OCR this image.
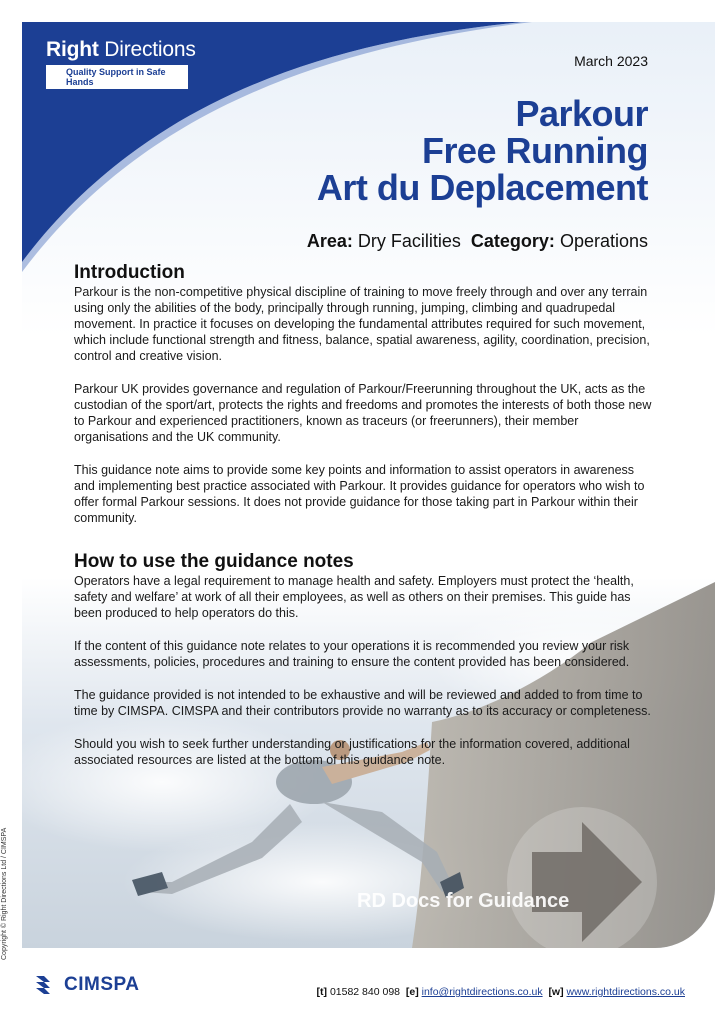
Right Directions
Quality Support in Safe Hands
March 2023
Parkour
Free Running
Art du Deplacement
Area: Dry Facilities Category: Operations
Introduction

Parkour is the non-competitive physical discipline of training to move freely through and over any terrain using only the abilities of the body, principally through running, jumping, climbing and quadrupedal movement. In practice it focuses on developing the fundamental attributes required for such movement, which include functional strength and fitness, balance, spatial awareness, agility, coordination, precision, control and creative vision.

Parkour UK provides governance and regulation of Parkour/Freerunning throughout the UK, acts as the custodian of the sport/art, protects the rights and freedoms and promotes the interests of both those new to Parkour and experienced practitioners, known as traceurs (or freerunners), their member organisations and the UK community.

This guidance note aims to provide some key points and information to assist operators in awareness and implementing best practice associated with Parkour. It provides guidance for operators who wish to offer formal Parkour sessions. It does not provide guidance for those taking part in Parkour within their community.

How to use the guidance notes

Operators have a legal requirement to manage health and safety. Employers must protect the ‘health, safety and welfare’ at work of all their employees, as well as others on their premises. This guide has been produced to help operators do this.

If the content of this guidance note relates to your operations it is recommended you review your risk assessments, policies, procedures and training to ensure the content provided has been considered.

The guidance provided is not intended to be exhaustive and will be reviewed and added to from time to time by CIMSPA. CIMSPA and their contributors provide no warranty as to its accuracy or completeness.

Should you wish to seek further understanding or justifications for the information covered, additional associated resources are listed at the bottom of this guidance note.

RD Docs for Guidance
Copyright © Right Directions Ltd / CIMSPA
CIMSPA	[t] 01582 840 098 [e] info@rightdirections.co.uk [w] www.rightdirections.co.uk
